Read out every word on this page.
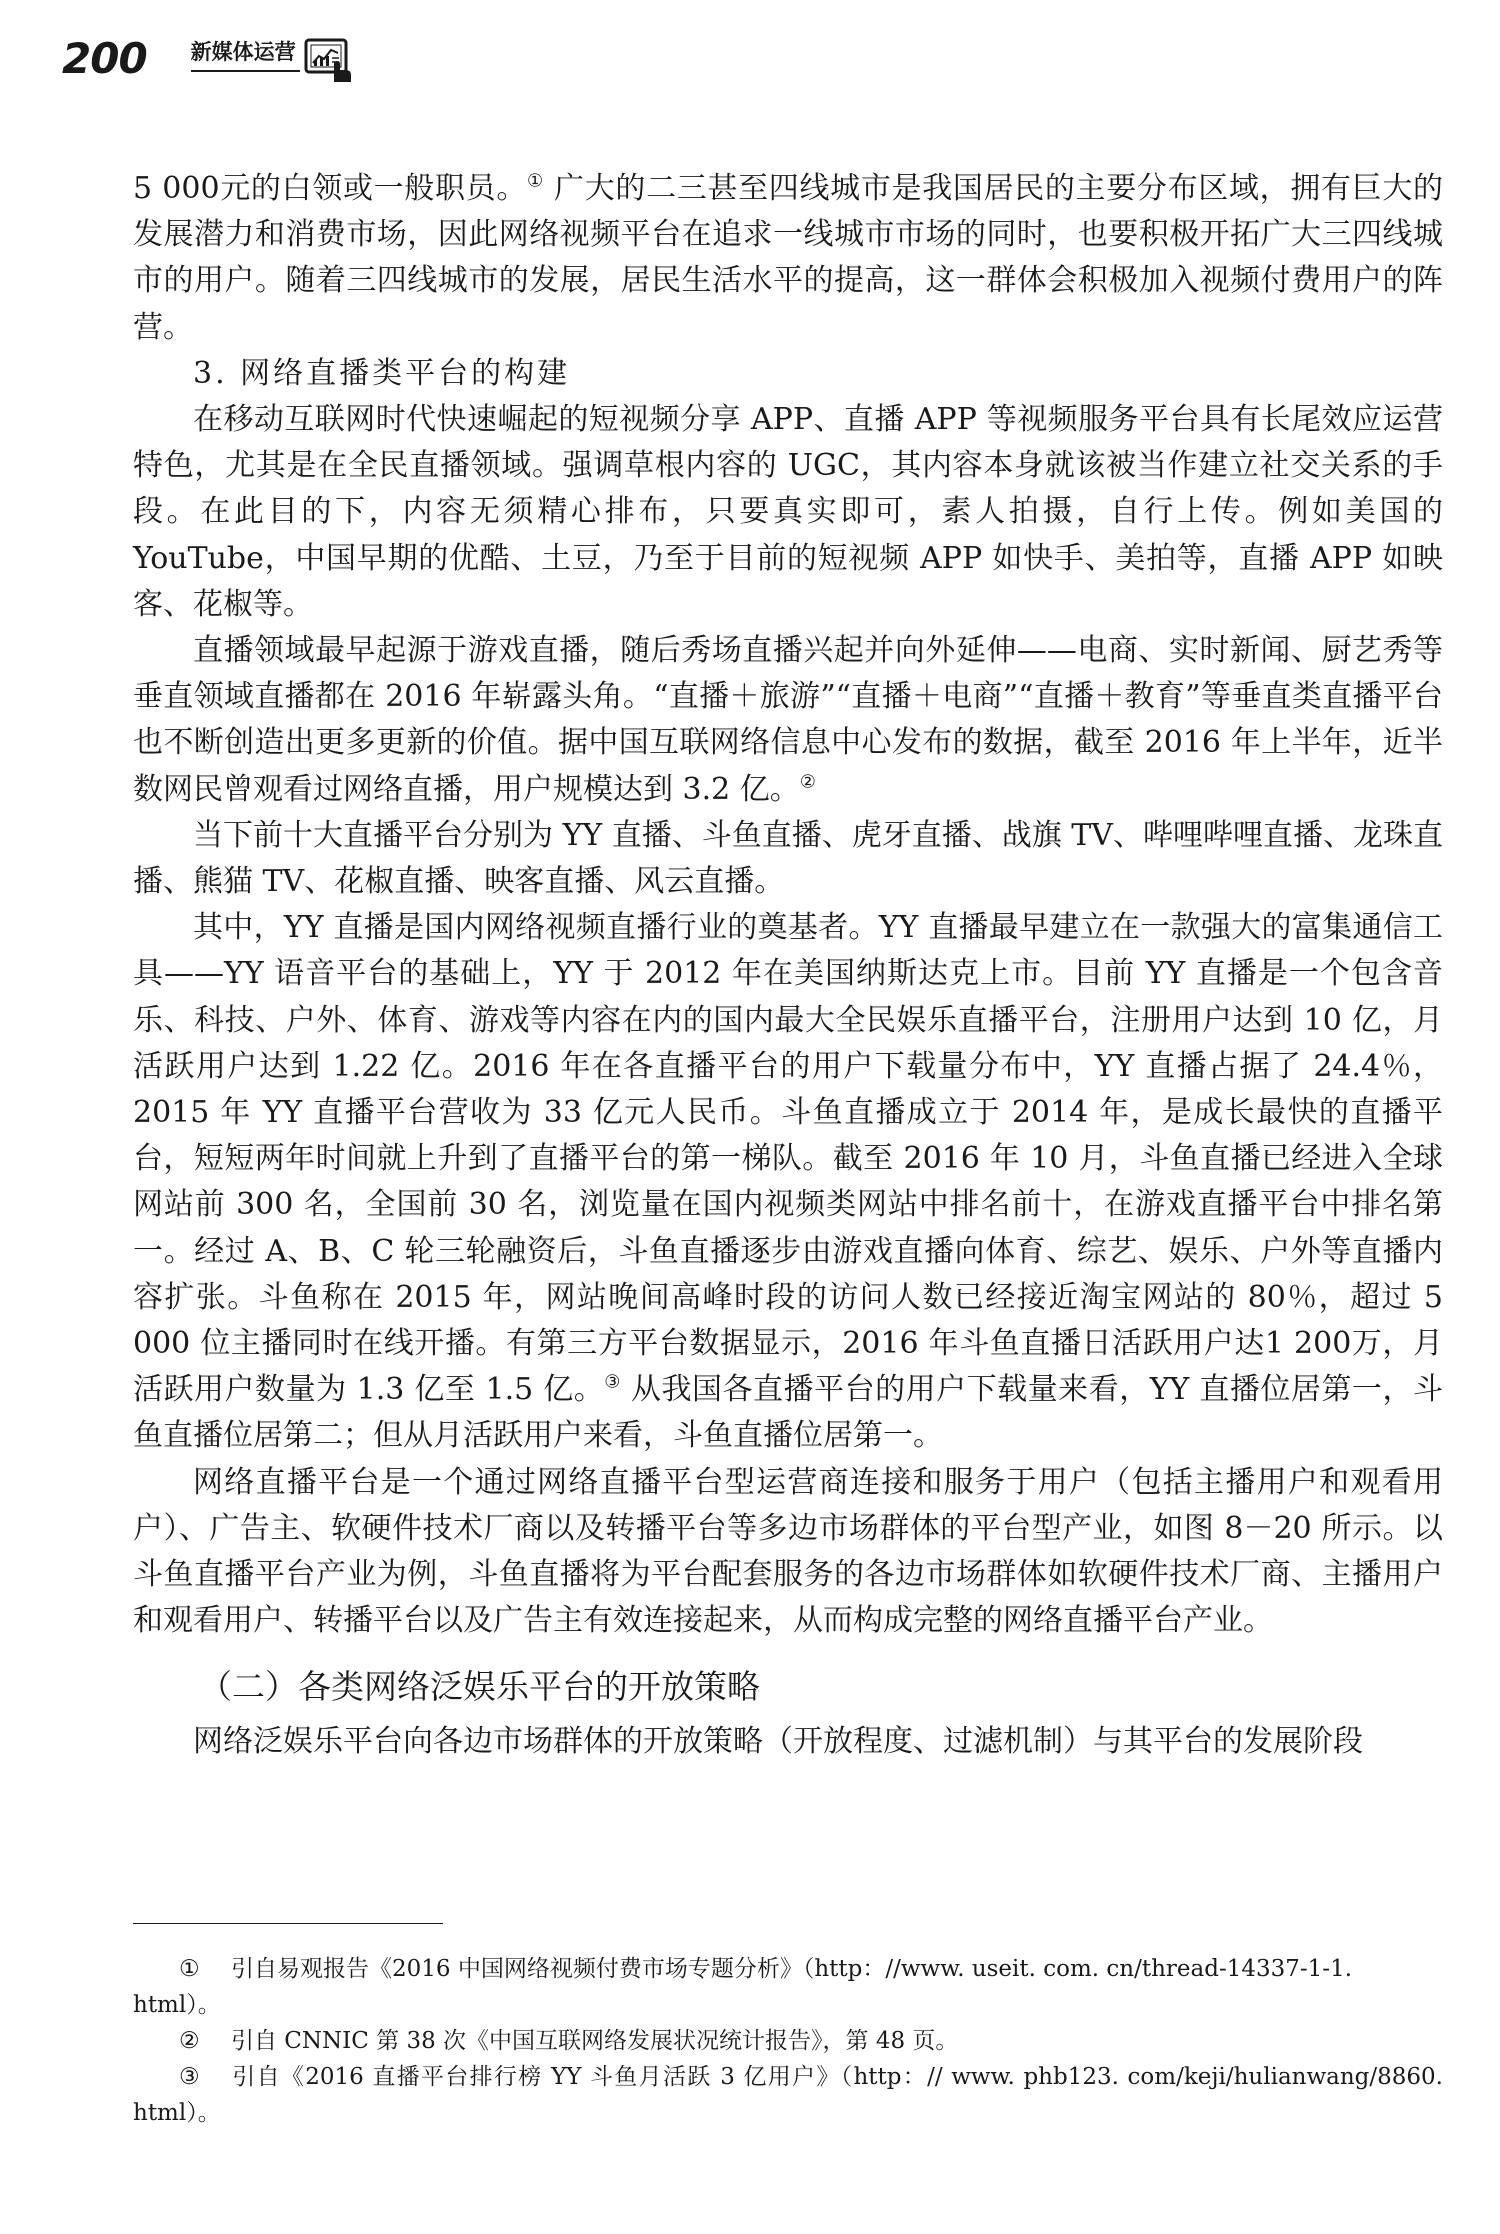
200 新媒体运营

5 000元的白领或一般职员。① 广大的二三甚至四线城市是我国居民的主要分布区域，拥有巨大的发展潜力和消费市场，因此网络视频平台在追求一线城市市场的同时，也要积极开拓广大三四线城市的用户。随着三四线城市的发展，居民生活水平的提高，这一群体会积极加入视频付费用户的阵营。

3. 网络直播类平台的构建

在移动互联网时代快速崛起的短视频分享 APP、直播 APP 等视频服务平台具有长尾效应运营特色，尤其是在全民直播领域。强调草根内容的 UGC，其内容本身就该被当作建立社交关系的手段。在此目的下，内容无须精心排布，只要真实即可，素人拍摄，自行上传。例如美国的 YouTube，中国早期的优酷、土豆，乃至于目前的短视频 APP 如快手、美拍等，直播 APP 如映客、花椒等。

直播领域最早起源于游戏直播，随后秀场直播兴起并向外延伸——电商、实时新闻、厨艺秀等垂直领域直播都在 2016 年崭露头角。“直播＋旅游”“直播＋电商”“直播＋教育”等垂直类直播平台也不断创造出更多更新的价值。据中国互联网络信息中心发布的数据，截至 2016 年上半年，近半数网民曾观看过网络直播，用户规模达到 3.2 亿。②

当下前十大直播平台分别为 YY 直播、斗鱼直播、虎牙直播、战旗 TV、哔哩哔哩直播、龙珠直播、熊猫 TV、花椒直播、映客直播、风云直播。

其中，YY 直播是国内网络视频直播行业的奠基者。YY 直播最早建立在一款强大的富集通信工具——YY 语音平台的基础上，YY 于 2012 年在美国纳斯达克上市。目前 YY 直播是一个包含音乐、科技、户外、体育、游戏等内容在内的国内最大全民娱乐直播平台，注册用户达到 10 亿，月活跃用户达到 1.22 亿。2016 年在各直播平台的用户下载量分布中，YY 直播占据了 24.4％，2015 年 YY 直播平台营收为 33 亿元人民币。斗鱼直播成立于 2014 年，是成长最快的直播平台，短短两年时间就上升到了直播平台的第一梯队。截至 2016 年 10 月，斗鱼直播已经进入全球网站前 300 名，全国前 30 名，浏览量在国内视频类网站中排名前十，在游戏直播平台中排名第一。经过 A、B、C 轮三轮融资后，斗鱼直播逐步由游戏直播向体育、综艺、娱乐、户外等直播内容扩张。斗鱼称在 2015 年，网站晚间高峰时段的访问人数已经接近淘宝网站的 80％，超过 5 000 位主播同时在线开播。有第三方平台数据显示，2016 年斗鱼直播日活跃用户达1 200万，月活跃用户数量为 1.3 亿至 1.5 亿。③ 从我国各直播平台的用户下载量来看，YY 直播位居第一，斗鱼直播位居第二；但从月活跃用户来看，斗鱼直播位居第一。

网络直播平台是一个通过网络直播平台型运营商连接和服务于用户（包括主播用户和观看用户）、广告主、软硬件技术厂商以及转播平台等多边市场群体的平台型产业，如图 8－20 所示。以斗鱼直播平台产业为例，斗鱼直播将为平台配套服务的各边市场群体如软硬件技术厂商、主播用户和观看用户、转播平台以及广告主有效连接起来，从而构成完整的网络直播平台产业。

（二）各类网络泛娱乐平台的开放策略

网络泛娱乐平台向各边市场群体的开放策略（开放程度、过滤机制）与其平台的发展阶段

① 引自易观报告《2016 中国网络视频付费市场专题分析》（http：//www. useit. com. cn/thread-14337-1-1. html）。

② 引自 CNNIC 第 38 次《中国互联网络发展状况统计报告》，第 48 页。

③ 引自《2016 直播平台排行榜 YY 斗鱼月活跃 3 亿用户》（http：// www. phb123. com/keji/hulianwang/8860. html）。
